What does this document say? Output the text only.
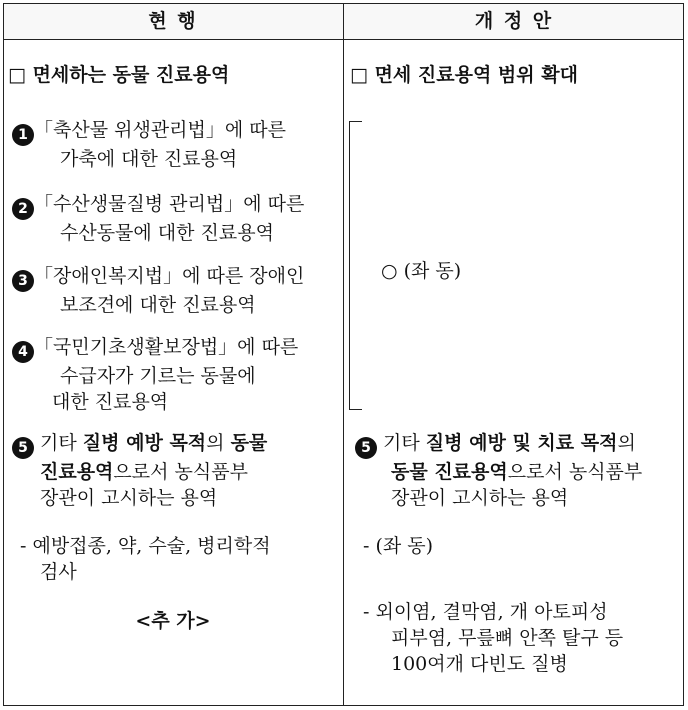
현 행	개 정 안
□ 면세하는 동물 진료용역
1 「축산물 위생관리법」에 따른
가축에 대한 진료용역
2 「수산생물질병 관리법」에 따른
수산동물에 대한 진료용역
3 「장애인복지법」에 따른 장애인
보조견에 대한 진료용역
4 「국민기초생활보장법」에 따른
수급자가 기르는 동물에
대한 진료용역
5 기타 질병 예방 목적의 동물
진료용역으로서 농식품부
장관이 고시하는 용역
- 예방접종, 약, 수술, 병리학적
검사
<추 가>
□ 면세 진료용역 범위 확대
○ (좌 동)
5 기타 질병 예방 및 치료 목적의
동물 진료용역으로서 농식품부
장관이 고시하는 용역
- (좌 동)
- 외이염, 결막염, 개 아토피성
피부염, 무릎뼈 안쪽 탈구 등
100여개 다빈도 질병
